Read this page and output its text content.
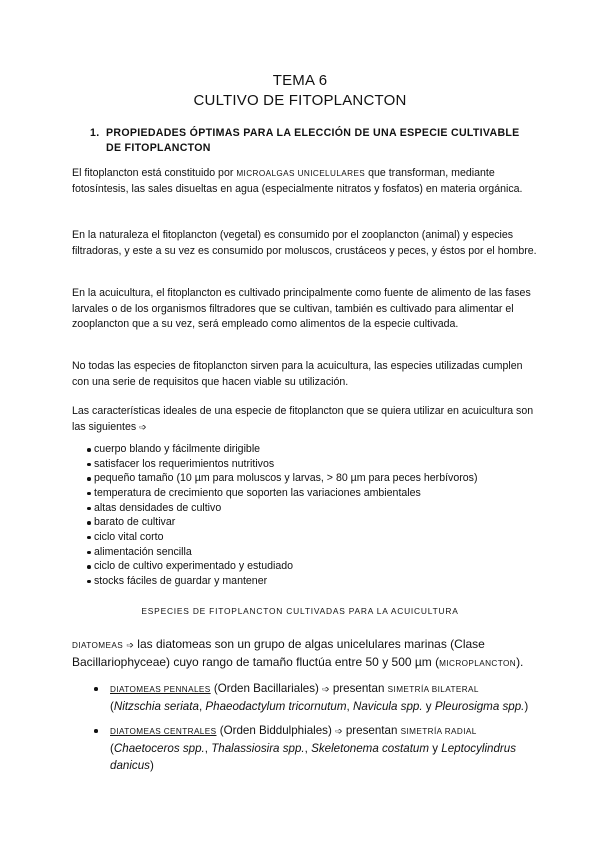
TEMA 6
CULTIVO DE FITOPLANCTON
1. PROPIEDADES ÓPTIMAS PARA LA ELECCIÓN DE UNA ESPECIE CULTIVABLE
DE FITOPLANCTON
El fitoplancton está constituido por MICROALGAS UNICELULARES que transforman, mediante fotosíntesis, las sales disueltas en agua (especialmente nitratos y fosfatos) en materia orgánica.
En la naturaleza el fitoplancton (vegetal) es consumido por el zooplancton (animal) y especies filtradoras, y este a su vez es consumido por moluscos, crustáceos y peces, y éstos por el hombre.
En la acuicultura, el fitoplancton es cultivado principalmente como fuente de alimento de las fases larvales o de los organismos filtradores que se cultivan, también es cultivado para alimentar el zooplancton que a su vez, será empleado como alimentos de la especie cultivada.
No todas las especies de fitoplancton sirven para la acuicultura, las especies utilizadas cumplen con una serie de requisitos que hacen viable su utilización.
Las características ideales de una especie de fitoplancton que se quiera utilizar en acuicultura son las siguientes ➩
cuerpo blando y fácilmente dirigible
satisfacer los requerimientos nutritivos
pequeño tamaño (10 µm para moluscos y larvas, > 80 µm para peces herbívoros)
temperatura de crecimiento que soporten las variaciones ambientales
altas densidades de cultivo
barato de cultivar
ciclo vital corto
alimentación sencilla
ciclo de cultivo experimentado y estudiado
stocks fáciles de guardar y mantener
ESPECIES DE FITOPLANCTON CULTIVADAS PARA LA ACUICULTURA
DIATOMEAS ➩ las diatomeas son un grupo de algas unicelulares marinas (Clase Bacillariophyceae) cuyo rango de tamaño fluctúa entre 50 y 500 µm (MICROPLANCTON).
DIATOMEAS PENNALES (Orden Bacillariales) ➩ presentan SIMETRÍA BILATERAL (Nitzschia seriata, Phaeodactylum tricornutum, Navicula spp. y Pleurosigma spp.)
DIATOMEAS CENTRALES (Orden Biddulphiales) ➩ presentan SIMETRÍA RADIAL (Chaetoceros spp., Thalassiosira spp., Skeletonema costatum y Leptocylindrus danicus)
